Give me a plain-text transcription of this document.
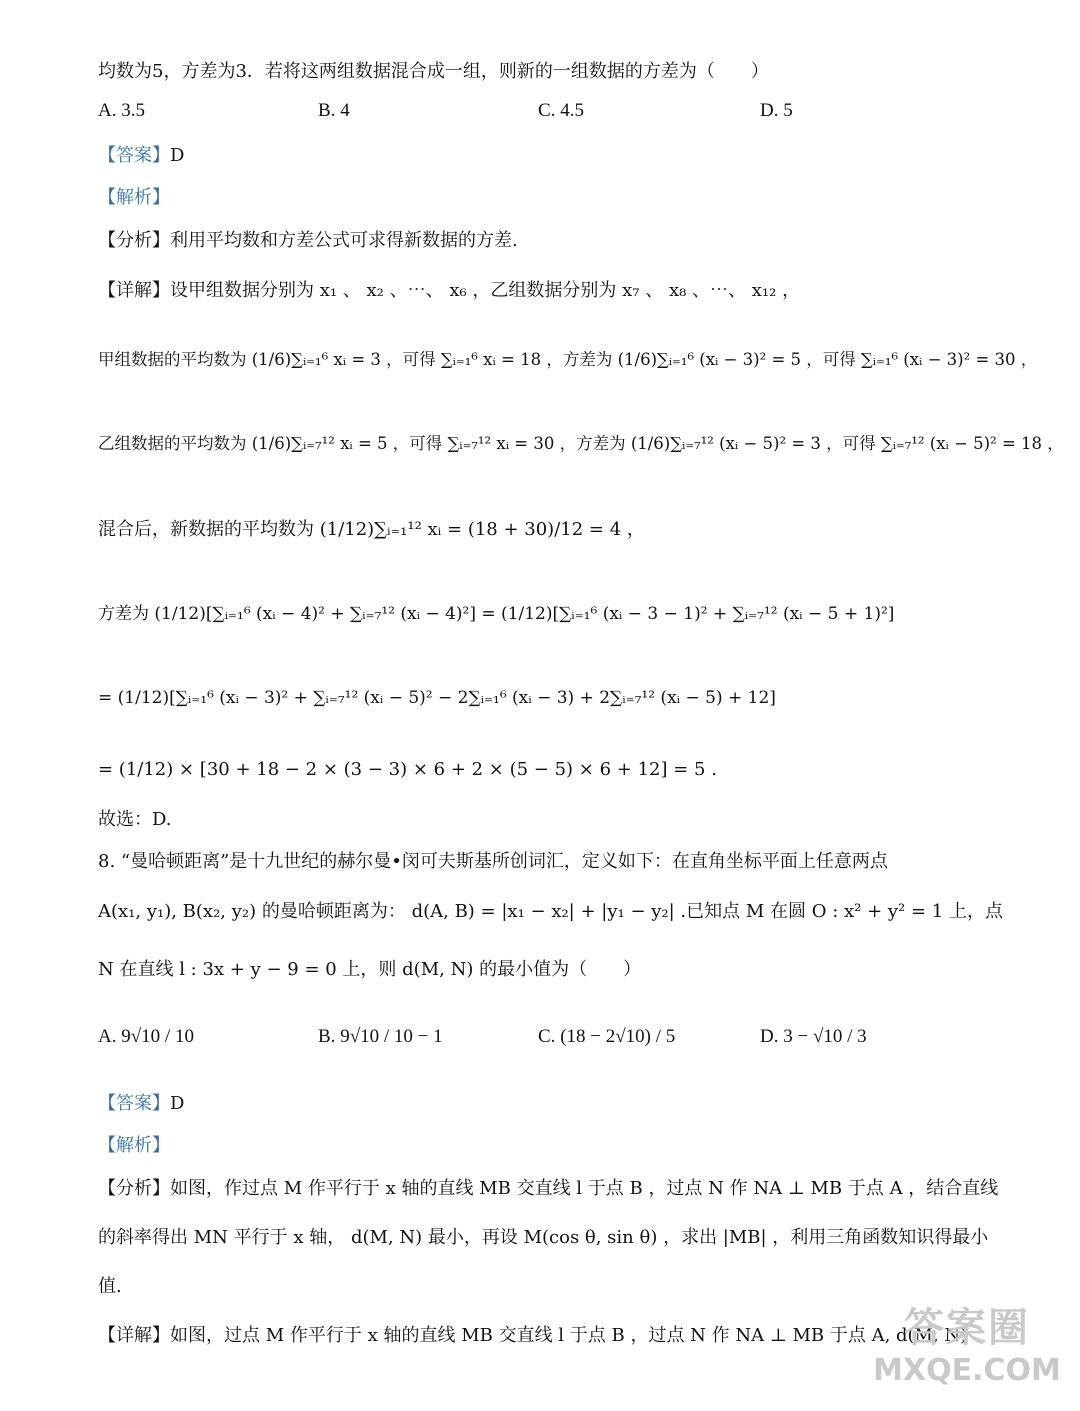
均数为5，方差为3．若将这两组数据混合成一组，则新的一组数据的方差为（　　）
A. 3.5	B. 4	C. 4.5	D. 5
【答案】D
【解析】
【分析】利用平均数和方差公式可求得新数据的方差.
【详解】设甲组数据分别为 x₁ 、 x₂ 、⋯、 x₆ ，乙组数据分别为 x₇ 、 x₈ 、⋯、 x₁₂ ，
甲组数据的平均数为 (1/6)∑ᵢ₌₁⁶ xᵢ = 3 ，可得 ∑ᵢ₌₁⁶ xᵢ = 18 ，方差为 (1/6)∑ᵢ₌₁⁶ (xᵢ − 3)² = 5 ，可得 ∑ᵢ₌₁⁶ (xᵢ − 3)² = 30 ，
乙组数据的平均数为 (1/6)∑ᵢ₌₇¹² xᵢ = 5 ，可得 ∑ᵢ₌₇¹² xᵢ = 30 ，方差为 (1/6)∑ᵢ₌₇¹² (xᵢ − 5)² = 3 ，可得 ∑ᵢ₌₇¹² (xᵢ − 5)² = 18 ，
混合后，新数据的平均数为 (1/12)∑ᵢ₌₁¹² xᵢ = (18 + 30)/12 = 4 ，
方差为 (1/12)[∑ᵢ₌₁⁶ (xᵢ − 4)² + ∑ᵢ₌₇¹² (xᵢ − 4)²] = (1/12)[∑ᵢ₌₁⁶ (xᵢ − 3 − 1)² + ∑ᵢ₌₇¹² (xᵢ − 5 + 1)²]
= (1/12)[∑ᵢ₌₁⁶ (xᵢ − 3)² + ∑ᵢ₌₇¹² (xᵢ − 5)² − 2∑ᵢ₌₁⁶ (xᵢ − 3) + 2∑ᵢ₌₇¹² (xᵢ − 5) + 12]
= (1/12) × [30 + 18 − 2 × (3 − 3) × 6 + 2 × (5 − 5) × 6 + 12] = 5 .
故选：D.
8. “曼哈顿距离”是十九世纪的赫尔曼•闵可夫斯基所创词汇，定义如下：在直角坐标平面上任意两点
A(x₁, y₁), B(x₂, y₂) 的曼哈顿距离为： d(A, B) = |x₁ − x₂| + |y₁ − y₂| .已知点 M 在圆 O : x² + y² = 1 上，点
N 在直线 l : 3x + y − 9 = 0 上，则 d(M, N) 的最小值为（　　）
A. 9√10 / 10	B. 9√10 / 10 − 1	C. (18 − 2√10) / 5	D. 3 − √10 / 3
【答案】D
【解析】
【分析】如图，作过点 M 作平行于 x 轴的直线 MB 交直线 l 于点 B ，过点 N 作 NA ⊥ MB 于点 A ，结合直线
的斜率得出 MN 平行于 x 轴， d(M, N) 最小，再设 M(cos θ, sin θ) ，求出 |MB| ，利用三角函数知识得最小
值.
【详解】如图，过点 M 作平行于 x 轴的直线 MB 交直线 l 于点 B ，过点 N 作 NA ⊥ MB 于点 A, d(M, N)
答案圈
MXQE.COM
